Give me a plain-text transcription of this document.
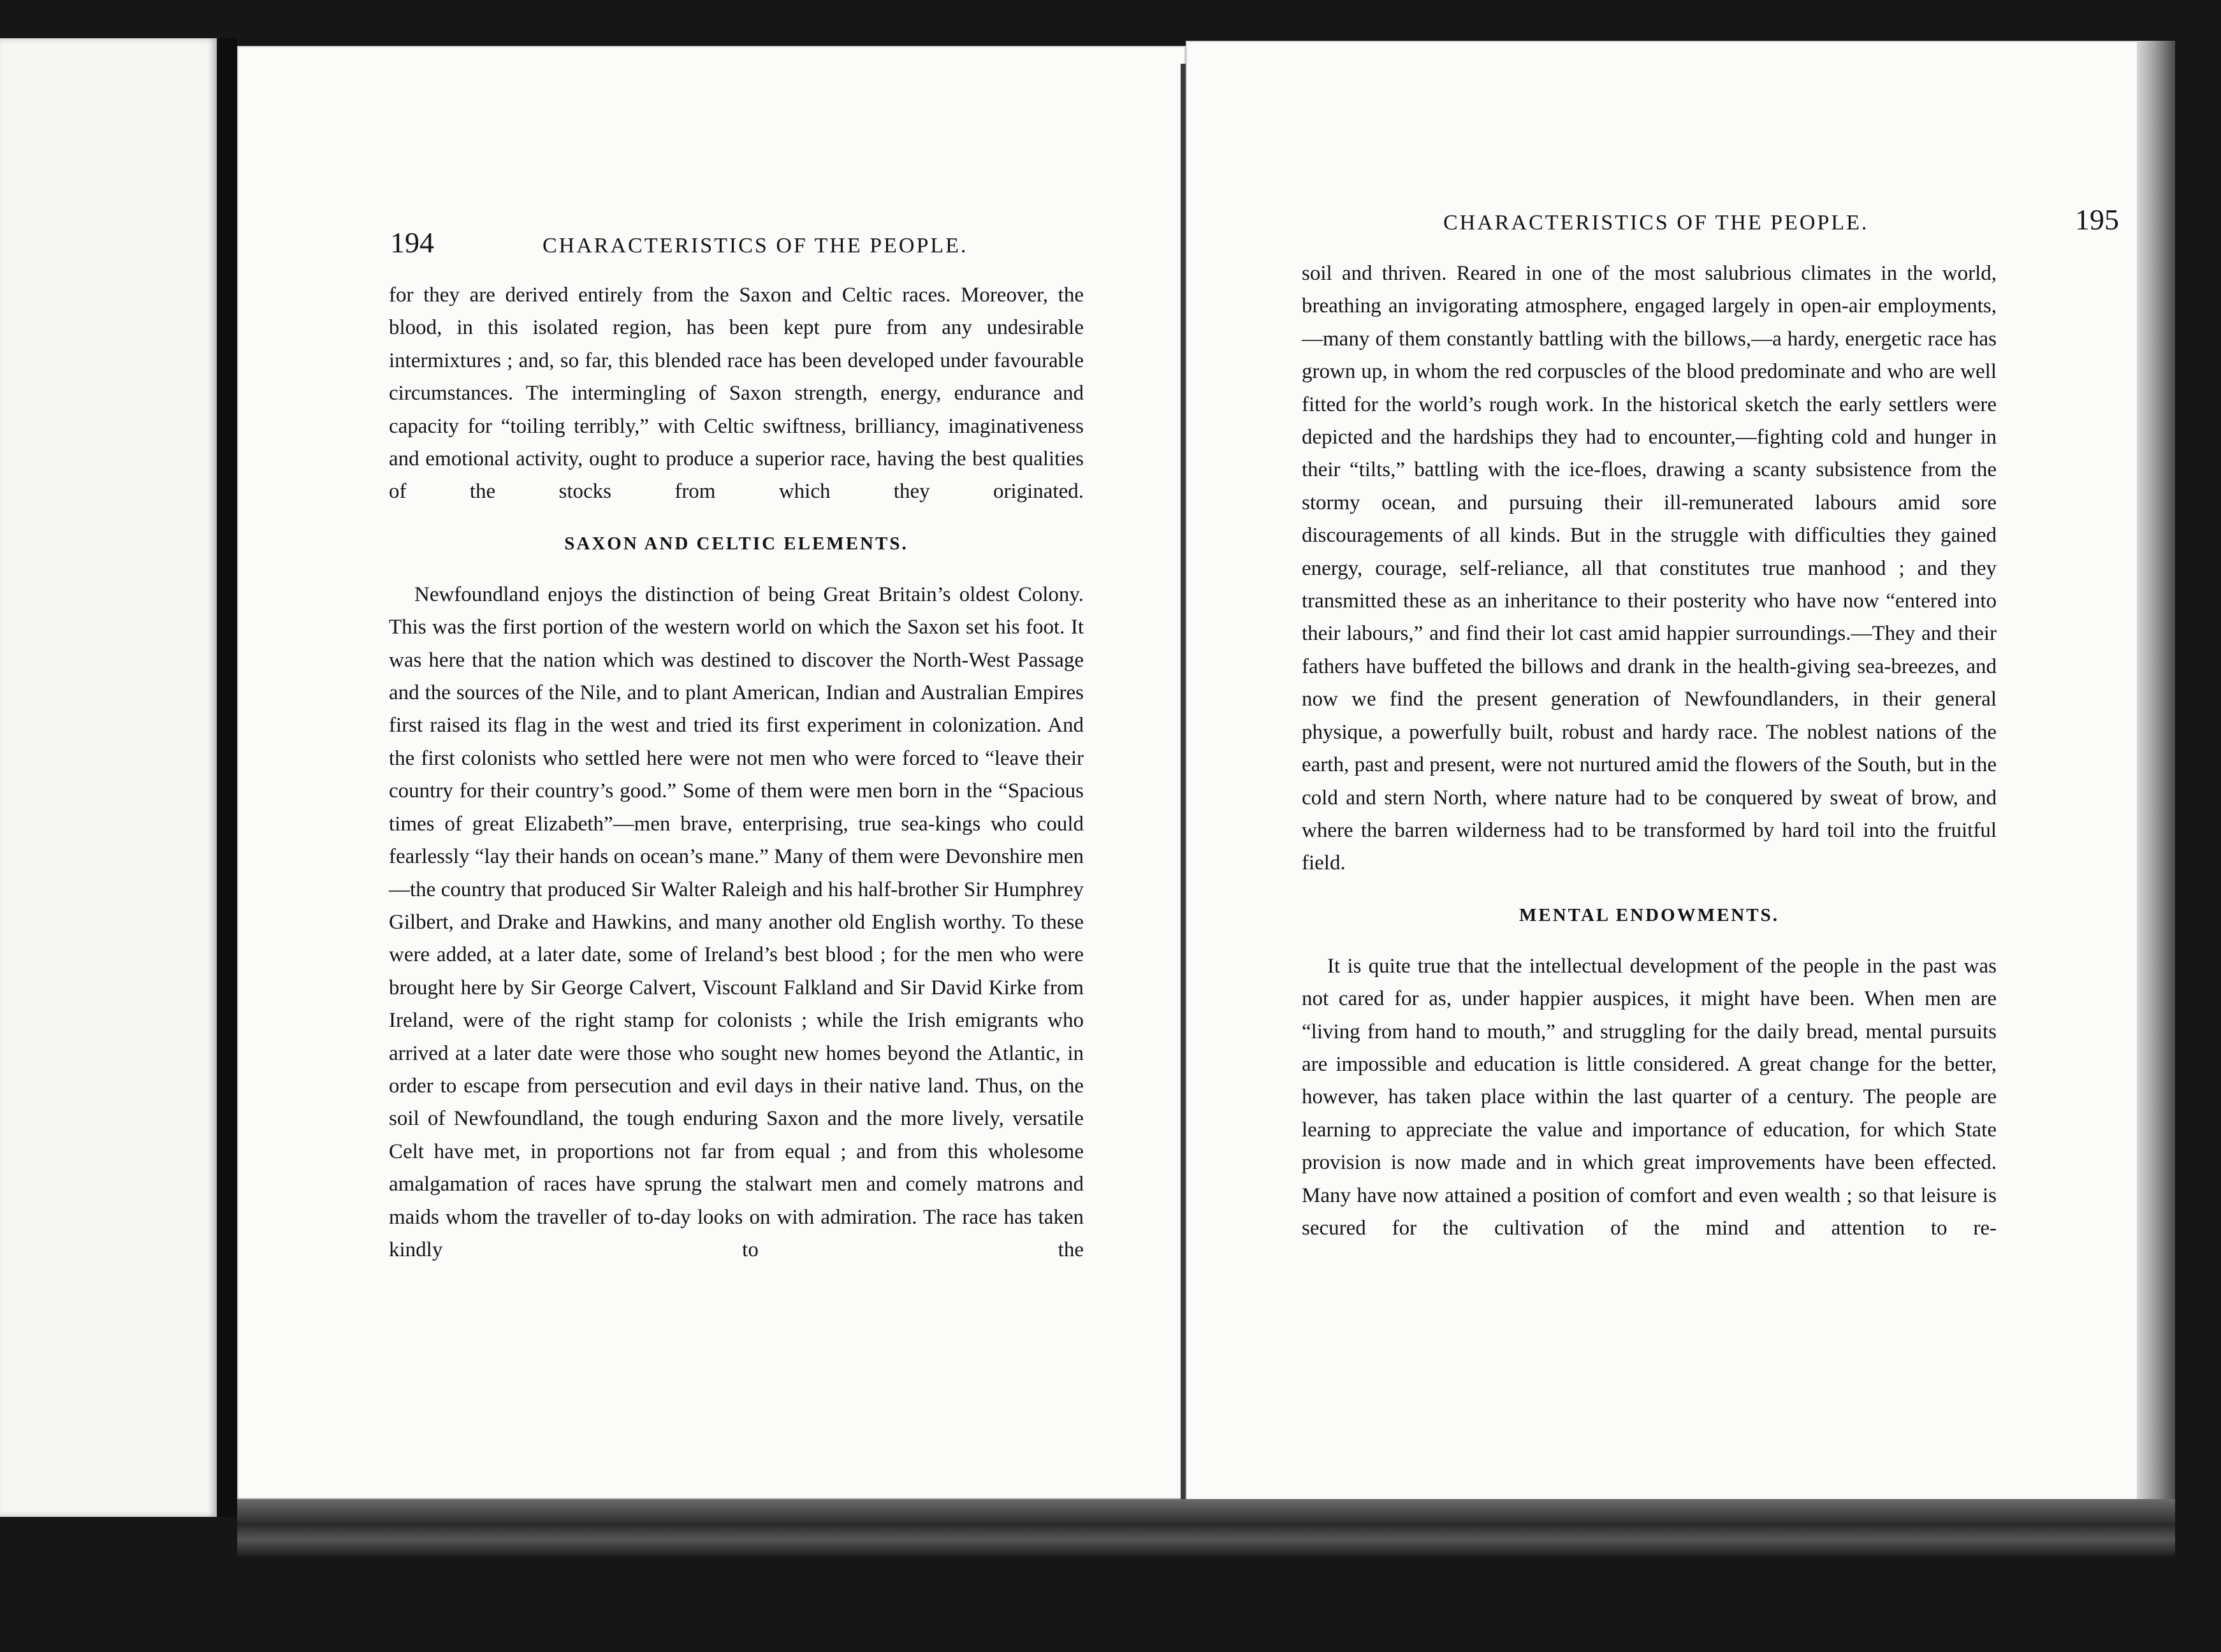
194	CHARACTERISTICS OF THE PEOPLE.

for they are derived entirely from the Saxon and Celtic races. Moreover, the blood, in this isolated region, has been kept pure from any undesirable intermixtures ; and, so far, this blended race has been developed under favourable circumstances. The intermingling of Saxon strength, energy, endurance and capacity for “toiling terribly,” with Celtic swiftness, brilliancy, imaginativeness and emotional activity, ought to produce a superior race, having the best qualities of the stocks from which they originated.

SAXON AND CELTIC ELEMENTS.

Newfoundland enjoys the distinction of being Great Britain’s oldest Colony. This was the first portion of the western world on which the Saxon set his foot. It was here that the nation which was destined to discover the North-West Passage and the sources of the Nile, and to plant American, Indian and Australian Empires first raised its flag in the west and tried its first experiment in colonization. And the first colonists who settled here were not men who were forced to “leave their country for their country’s good.” Some of them were men born in the “Spacious times of great Elizabeth”—men brave, enterprising, true sea-kings who could fearlessly “lay their hands on ocean’s mane.” Many of them were Devonshire men—the country that produced Sir Walter Raleigh and his half-brother Sir Humphrey Gilbert, and Drake and Hawkins, and many another old English worthy. To these were added, at a later date, some of Ireland’s best blood ; for the men who were brought here by Sir George Calvert, Viscount Falkland and Sir David Kirke from Ireland, were of the right stamp for colonists ; while the Irish emigrants who arrived at a later date were those who sought new homes beyond the Atlantic, in order to escape from persecution and evil days in their native land. Thus, on the soil of Newfoundland, the tough enduring Saxon and the more lively, versatile Celt have met, in proportions not far from equal ; and from this wholesome amalgamation of races have sprung the stalwart men and comely matrons and maids whom the traveller of to-day looks on with admiration. The race has taken kindly to the

CHARACTERISTICS OF THE PEOPLE.	195

soil and thriven. Reared in one of the most salubrious climates in the world, breathing an invigorating atmosphere, engaged largely in open-air employments,—many of them constantly battling with the billows,—a hardy, energetic race has grown up, in whom the red corpuscles of the blood predominate and who are well fitted for the world’s rough work. In the historical sketch the early settlers were depicted and the hardships they had to encounter,—fighting cold and hunger in their “tilts,” battling with the ice-floes, drawing a scanty subsistence from the stormy ocean, and pursuing their ill-remunerated labours amid sore discouragements of all kinds. But in the struggle with difficulties they gained energy, courage, self-reliance, all that constitutes true manhood ; and they transmitted these as an inheritance to their posterity who have now “entered into their labours,” and find their lot cast amid happier surroundings.—They and their fathers have buffeted the billows and drank in the health-giving sea-breezes, and now we find the present generation of Newfoundlanders, in their general physique, a powerfully built, robust and hardy race. The noblest nations of the earth, past and present, were not nurtured amid the flowers of the South, but in the cold and stern North, where nature had to be conquered by sweat of brow, and where the barren wilderness had to be transformed by hard toil into the fruitful field.

MENTAL ENDOWMENTS.

It is quite true that the intellectual development of the people in the past was not cared for as, under happier auspices, it might have been. When men are “living from hand to mouth,” and struggling for the daily bread, mental pursuits are impossible and education is little considered. A great change for the better, however, has taken place within the last quarter of a century. The people are learning to appreciate the value and importance of education, for which State provision is now made and in which great improvements have been effected. Many have now attained a position of comfort and even wealth ; so that leisure is secured for the cultivation of the mind and attention to re-
